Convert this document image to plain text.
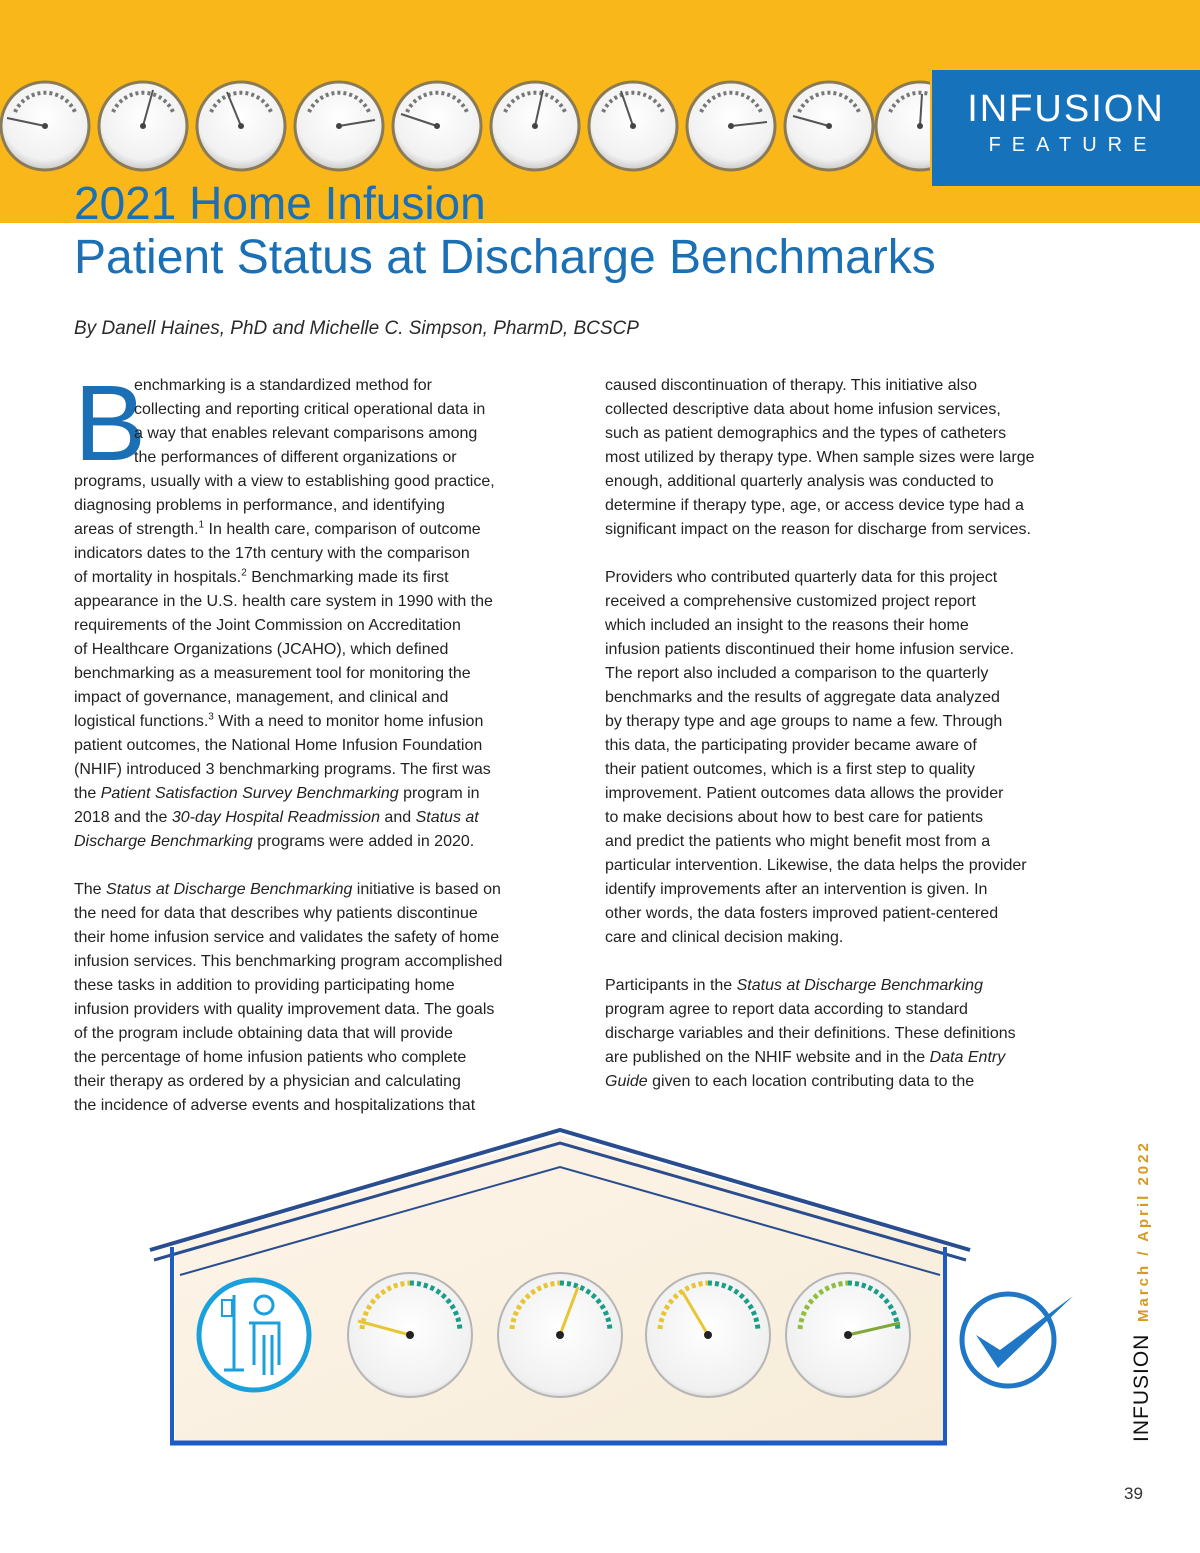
INFUSION
FEATURE
2021 Home Infusion
Patient Status at Discharge Benchmarks
By Danell Haines, PhD and Michelle C. Simpson, PharmD, BCSCP
B
enchmarking is a standardized method for
collecting and reporting critical operational data in
a way that enables relevant comparisons among
the performances of different organizations or
programs, usually with a view to establishing good practice,
diagnosing problems in performance, and identifying
areas of strength.$^1$ In health care, comparison of outcome
indicators dates to the 17th century with the comparison
of mortality in hospitals.$^2$ Benchmarking made its first
appearance in the U.S. health care system in 1990 with the
requirements of the Joint Commission on Accreditation
of Healthcare Organizations (JCAHO), which defined
benchmarking as a measurement tool for monitoring the
impact of governance, management, and clinical and
logistical functions.$^3$ With a need to monitor home infusion
patient outcomes, the National Home Infusion Foundation
(NHIF) introduced 3 benchmarking programs. The first was
the Patient Satisfaction Survey Benchmarking program in
2018 and the 30-day Hospital Readmission and Status at
Discharge Benchmarking programs were added in 2020.
The Status at Discharge Benchmarking initiative is based on
the need for data that describes why patients discontinue
their home infusion service and validates the safety of home
infusion services. This benchmarking program accomplished
these tasks in addition to providing participating home
infusion providers with quality improvement data. The goals
of the program include obtaining data that will provide
the percentage of home infusion patients who complete
their therapy as ordered by a physician and calculating
the incidence of adverse events and hospitalizations that
caused discontinuation of therapy. This initiative also
collected descriptive data about home infusion services,
such as patient demographics and the types of catheters
most utilized by therapy type. When sample sizes were large
enough, additional quarterly analysis was conducted to
determine if therapy type, age, or access device type had a
significant impact on the reason for discharge from services.
Providers who contributed quarterly data for this project
received a comprehensive customized project report
which included an insight to the reasons their home
infusion patients discontinued their home infusion service.
The report also included a comparison to the quarterly
benchmarks and the results of aggregate data analyzed
by therapy type and age groups to name a few. Through
this data, the participating provider became aware of
their patient outcomes, which is a first step to quality
improvement. Patient outcomes data allows the provider
to make decisions about how to best care for patients
and predict the patients who might benefit most from a
particular intervention. Likewise, the data helps the provider
identify improvements after an intervention is given. In
other words, the data fosters improved patient-centered
care and clinical decision making.
Participants in the Status at Discharge Benchmarking
program agree to report data according to standard
discharge variables and their definitions. These definitions
are published on the NHIF website and in the Data Entry
Guide given to each location contributing data to the
March / April 2022
INFUSION
39
